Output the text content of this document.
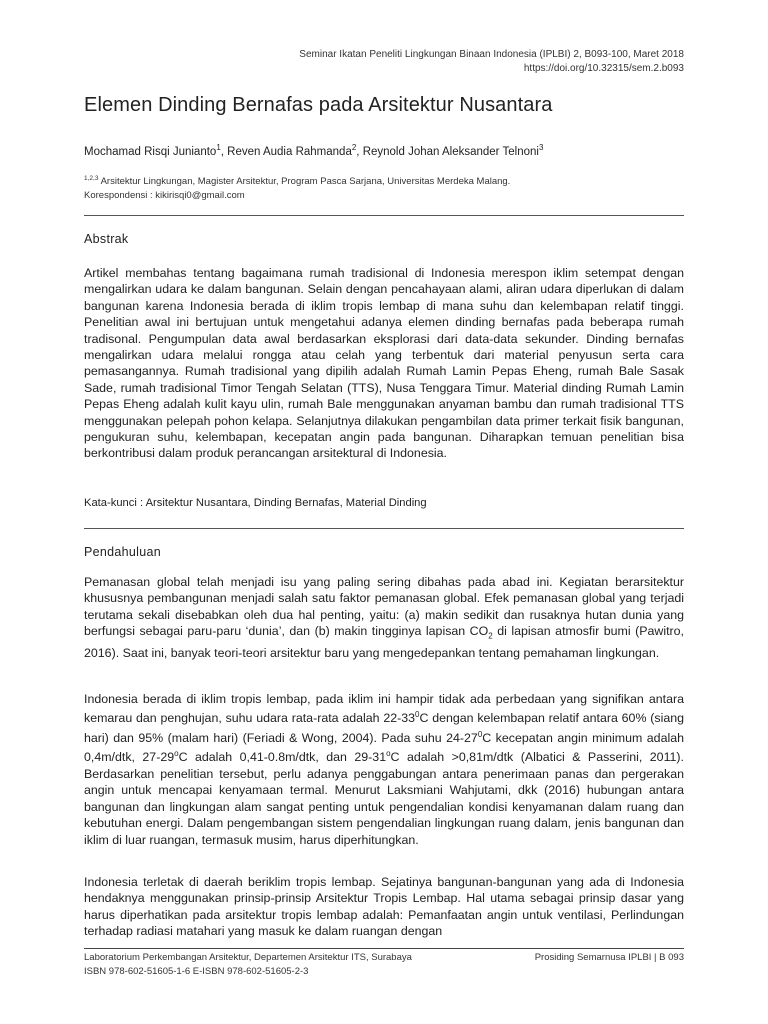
Seminar Ikatan Peneliti Lingkungan Binaan Indonesia (IPLBI) 2, B093-100, Maret 2018
https://doi.org/10.32315/sem.2.b093
Elemen Dinding Bernafas pada Arsitektur Nusantara
Mochamad Risqi Junianto$^1$, Reven Audia Rahmanda$^2$, Reynold Johan Aleksander Telnoni$^3$
$^{1,2,3}$ Arsitektur Lingkungan, Magister Arsitektur, Program Pasca Sarjana, Universitas Merdeka Malang.
Korespondensi : kikirisqi0@gmail.com
Abstrak

Artikel membahas tentang bagaimana rumah tradisional di Indonesia merespon iklim setempat dengan mengalirkan udara ke dalam bangunan. Selain dengan pencahayaan alami, aliran udara diperlukan di dalam bangunan karena Indonesia berada di iklim tropis lembap di mana suhu dan kelembapan relatif tinggi. Penelitian awal ini bertujuan untuk mengetahui adanya elemen dinding bernafas pada beberapa rumah tradisonal. Pengumpulan data awal berdasarkan eksplorasi dari data-data sekunder. Dinding bernafas mengalirkan udara melalui rongga atau celah yang terbentuk dari material penyusun serta cara pemasangannya. Rumah tradisional yang dipilih adalah Rumah Lamin Pepas Eheng, rumah Bale Sasak Sade, rumah tradisional Timor Tengah Selatan (TTS), Nusa Tenggara Timur. Material dinding Rumah Lamin Pepas Eheng adalah kulit kayu ulin, rumah Bale menggunakan anyaman bambu dan rumah tradisional TTS menggunakan pelepah pohon kelapa. Selanjutnya dilakukan pengambilan data primer terkait fisik bangunan, pengukuran suhu, kelembapan, kecepatan angin pada bangunan. Diharapkan temuan penelitian bisa berkontribusi dalam produk perancangan arsitektural di Indonesia.

Kata-kunci : Arsitektur Nusantara, Dinding Bernafas, Material Dinding
Pendahuluan

Pemanasan global telah menjadi isu yang paling sering dibahas pada abad ini. Kegiatan berarsitektur khususnya pembangunan menjadi salah satu faktor pemanasan global. Efek pemanasan global yang terjadi terutama sekali disebabkan oleh dua hal penting, yaitu: (a) makin sedikit dan rusaknya hutan dunia yang berfungsi sebagai paru-paru ‘dunia’, dan (b) makin tingginya lapisan $CO_2$ di lapisan atmosfir bumi (Pawitro, 2016). Saat ini, banyak teori-teori arsitektur baru yang mengedepankan tentang pemahaman lingkungan.

Indonesia berada di iklim tropis lembap, pada iklim ini hampir tidak ada perbedaan yang signifikan antara kemarau dan penghujan, suhu udara rata-rata adalah $22-33^0C$ dengan kelembapan relatif antara 60% (siang hari) dan 95% (malam hari) (Feriadi & Wong, 2004). Pada suhu $24-27^0C$ kecepatan angin minimum adalah 0,4m/dtk, 27-29$^o$C adalah 0,41-0.8m/dtk, dan 29-31$^o$C adalah >0,81m/dtk (Albatici & Passerini, 2011). Berdasarkan penelitian tersebut, perlu adanya penggabungan antara penerimaan panas dan pergerakan angin untuk mencapai kenyamaan termal. Menurut Laksmiani Wahjutami, dkk (2016) hubungan antara bangunan dan lingkungan alam sangat penting untuk pengendalian kondisi kenyamanan dalam ruang dan kebutuhan energi. Dalam pengembangan sistem pengendalian lingkungan ruang dalam, jenis bangunan dan iklim di luar ruangan, termasuk musim, harus diperhitungkan.

Indonesia terletak di daerah beriklim tropis lembap. Sejatinya bangunan-bangunan yang ada di Indonesia hendaknya menggunakan prinsip-prinsip Arsitektur Tropis Lembap. Hal utama sebagai prinsip dasar yang harus diperhatikan pada arsitektur tropis lembap adalah: Pemanfaatan angin untuk ventilasi, Perlindungan terhadap radiasi matahari yang masuk ke dalam ruangan dengan

Laboratorium Perkembangan Arsitektur, Departemen Arsitektur ITS, Surabaya
ISBN 978-602-51605-1-6 E-ISBN 978-602-51605-2-3
Prosiding Semarnusa IPLBI | B 093
